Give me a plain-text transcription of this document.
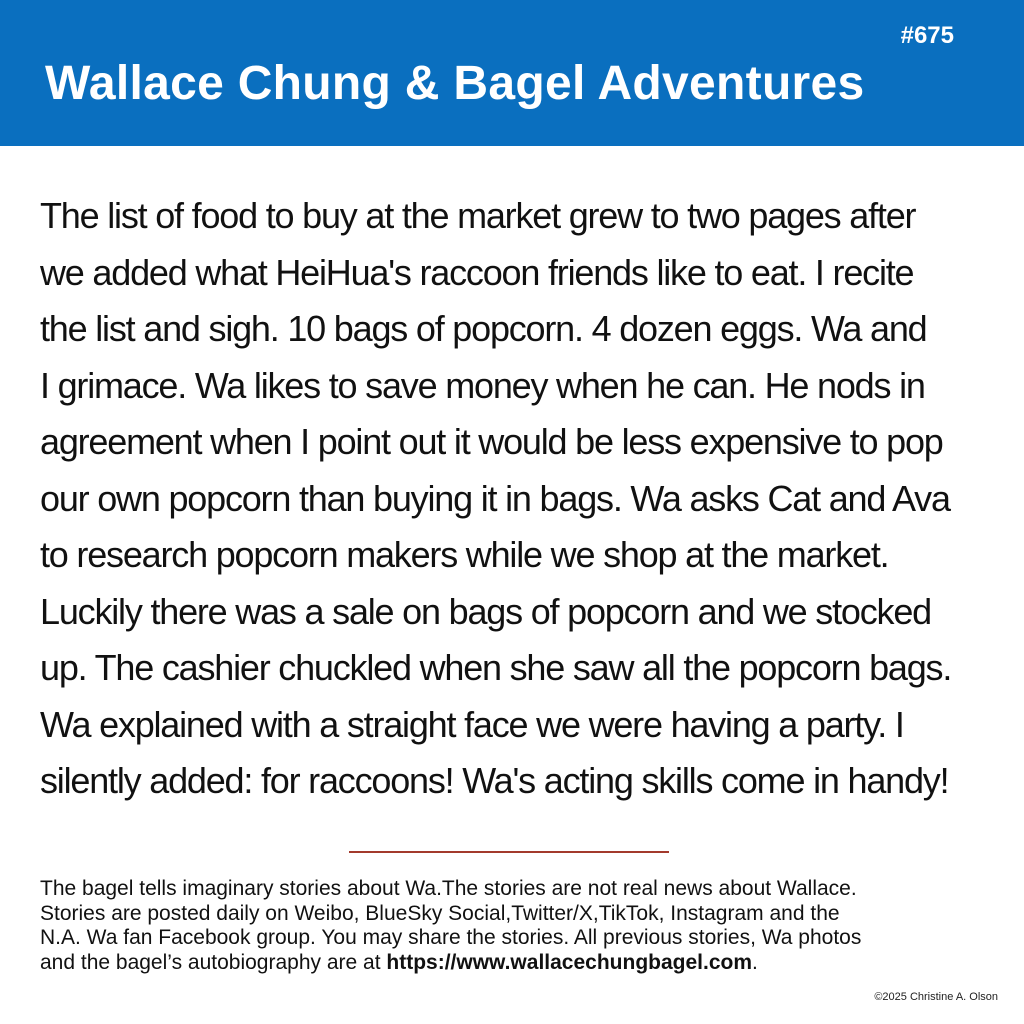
#675
Wallace Chung & Bagel Adventures
The list of food to buy at the market grew to two pages after
we added what HeiHua's raccoon friends like to eat. I recite
the list and sigh. 10 bags of popcorn. 4 dozen eggs. Wa and
I grimace. Wa likes to save money when he can. He nods in
agreement when I point out it would be less expensive to pop
our own popcorn than buying it in bags. Wa asks Cat and Ava
to research popcorn makers while we shop at the market.
Luckily there was a sale on bags of popcorn and we stocked
up. The cashier chuckled when she saw all the popcorn bags.
Wa explained with a straight face we were having a party. I
silently added: for raccoons! Wa's acting skills come in handy!
The bagel tells imaginary stories about Wa.The stories are not real news about Wallace.
Stories are posted daily on Weibo, BlueSky Social,Twitter/X,TikTok, Instagram and the
N.A. Wa fan Facebook group. You may share the stories. All previous stories, Wa photos
and the bagel’s autobiography are at https://www.wallacechungbagel.com.
©2025 Christine A. Olson
